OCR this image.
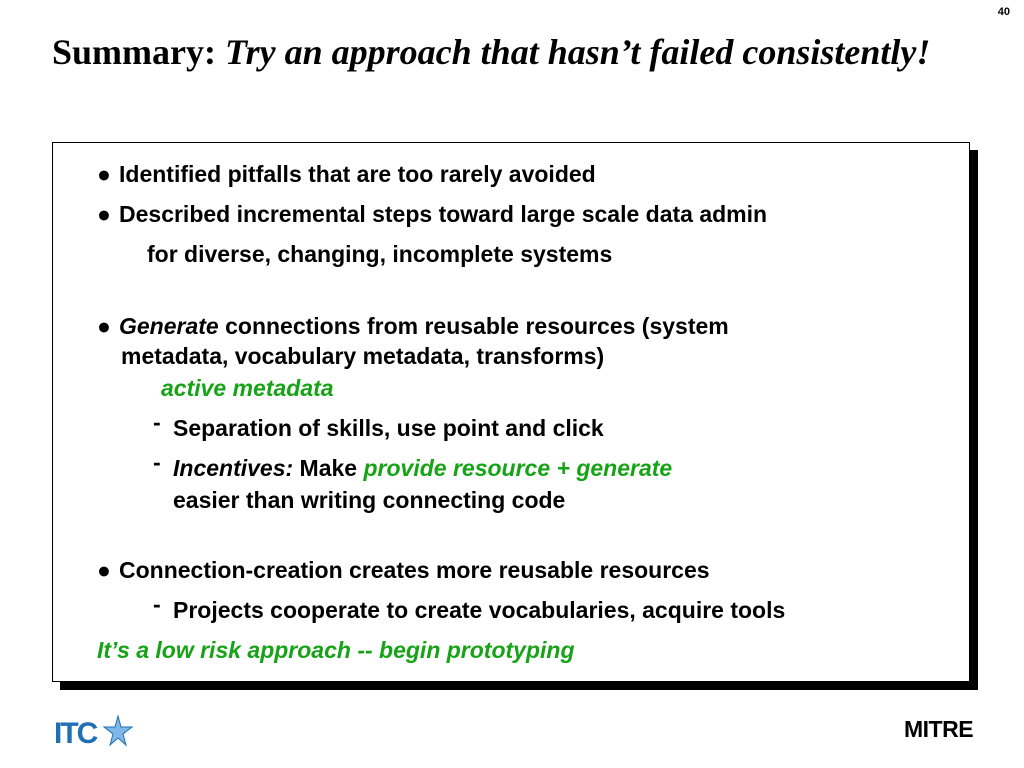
40
Summary: Try an approach that hasn’t failed consistently!
● Identified pitfalls that are too rarely avoided
● Described incremental steps toward large scale data admin
for diverse, changing, incomplete systems
● Generate connections from reusable resources (system
metadata, vocabulary metadata, transforms)
active metadata
- Separation of skills, use point and click
- Incentives: Make provide resource + generate
easier than writing connecting code
● Connection-creation creates more reusable resources
- Projects cooperate to create vocabularies, acquire tools
It’s a low risk approach -- begin prototyping
ITC	MITRE
